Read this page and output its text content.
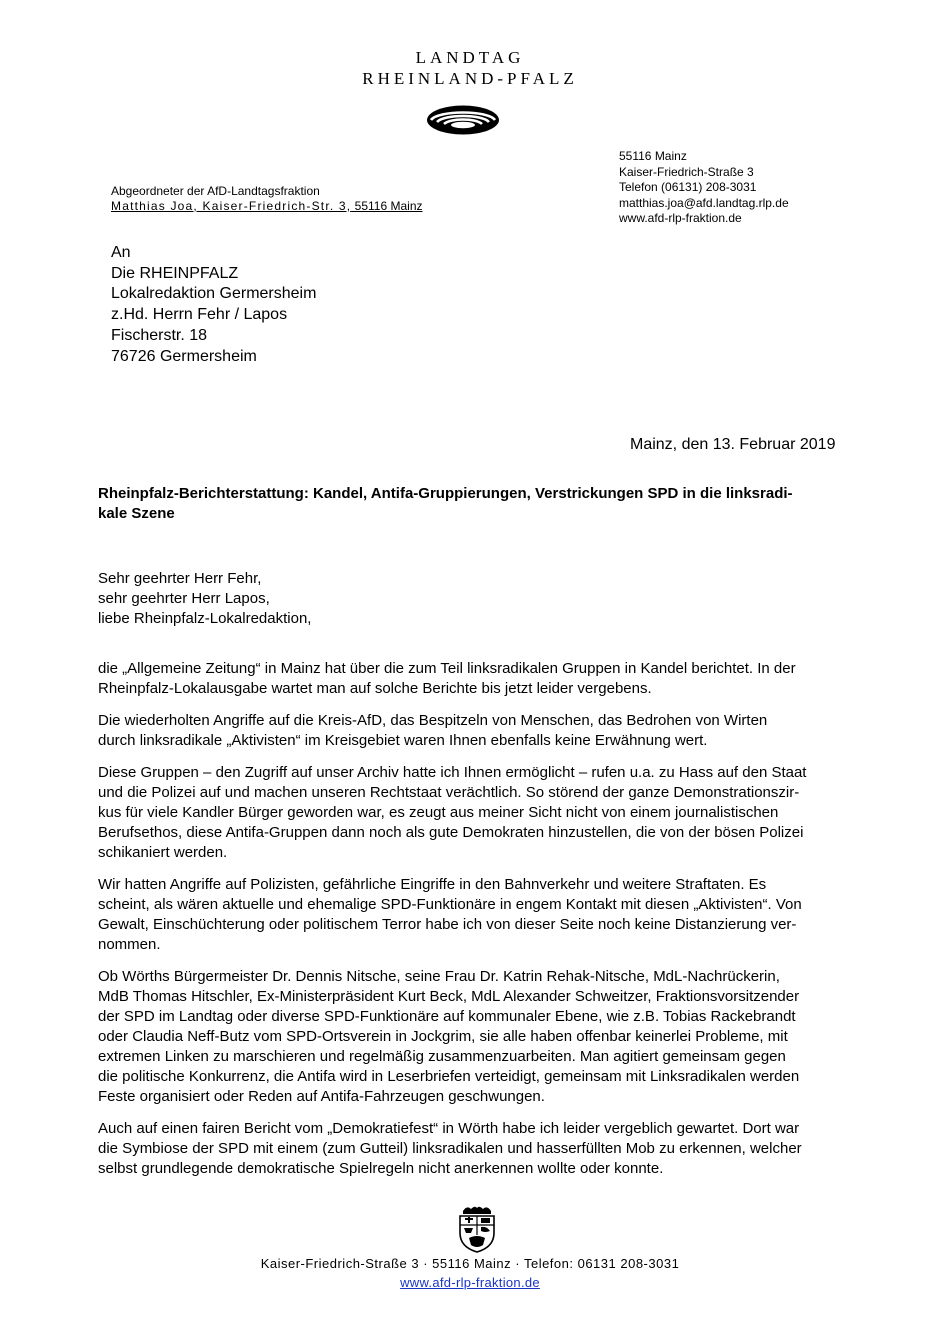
LANDTAG
RHEINLAND-PFALZ
55116 Mainz
Kaiser-Friedrich-Straße 3
Telefon (06131) 208-3031
matthias.joa@afd.landtag.rlp.de
www.afd-rlp-fraktion.de
Abgeordneter der AfD-Landtagsfraktion
Matthias Joa, Kaiser-Friedrich-Str. 3, 55116 Mainz
An
Die RHEINPFALZ
Lokalredaktion Germersheim
z.Hd. Herrn Fehr / Lapos
Fischerstr. 18
76726 Germersheim
Mainz, den 13. Februar 2019
Rheinpfalz-Berichterstattung: Kandel, Antifa-Gruppierungen, Verstrickungen SPD in die linksradi-
kale Szene
Sehr geehrter Herr Fehr,
sehr geehrter Herr Lapos,
liebe Rheinpfalz-Lokalredaktion,

die „Allgemeine Zeitung“ in Mainz hat über die zum Teil linksradikalen Gruppen in Kandel berichtet. In der
Rheinpfalz-Lokalausgabe wartet man auf solche Berichte bis jetzt leider vergebens.

Die wiederholten Angriffe auf die Kreis-AfD, das Bespitzeln von Menschen, das Bedrohen von Wirten
durch linksradikale „Aktivisten“ im Kreisgebiet waren Ihnen ebenfalls keine Erwähnung wert.

Diese Gruppen – den Zugriff auf unser Archiv hatte ich Ihnen ermöglicht – rufen u.a. zu Hass auf den Staat
und die Polizei auf und machen unseren Rechtstaat verächtlich. So störend der ganze Demonstrationszir-
kus für viele Kandler Bürger geworden war, es zeugt aus meiner Sicht nicht von einem journalistischen
Berufsethos, diese Antifa-Gruppen dann noch als gute Demokraten hinzustellen, die von der bösen Polizei
schikaniert werden.

Wir hatten Angriffe auf Polizisten, gefährliche Eingriffe in den Bahnverkehr und weitere Straftaten. Es
scheint, als wären aktuelle und ehemalige SPD-Funktionäre in engem Kontakt mit diesen „Aktivisten“. Von
Gewalt, Einschüchterung oder politischem Terror habe ich von dieser Seite noch keine Distanzierung ver-
nommen.

Ob Wörths Bürgermeister Dr. Dennis Nitsche, seine Frau Dr. Katrin Rehak-Nitsche, MdL-Nachrückerin,
MdB Thomas Hitschler, Ex-Ministerpräsident Kurt Beck, MdL Alexander Schweitzer, Fraktionsvorsitzender
der SPD im Landtag oder diverse SPD-Funktionäre auf kommunaler Ebene, wie z.B. Tobias Rackebrandt
oder Claudia Neff-Butz vom SPD-Ortsverein in Jockgrim, sie alle haben offenbar keinerlei Probleme, mit
extremen Linken zu marschieren und regelmäßig zusammenzuarbeiten. Man agitiert gemeinsam gegen
die politische Konkurrenz, die Antifa wird in Leserbriefen verteidigt, gemeinsam mit Linksradikalen werden
Feste organisiert oder Reden auf Antifa-Fahrzeugen geschwungen.

Auch auf einen fairen Bericht vom „Demokratiefest“ in Wörth habe ich leider vergeblich gewartet. Dort war
die Symbiose der SPD mit einem (zum Gutteil) linksradikalen und hasserfüllten Mob zu erkennen, welcher
selbst grundlegende demokratische Spielregeln nicht anerkennen wollte oder konnte.

Kaiser-Friedrich-Straße 3 · 55116 Mainz · Telefon: 06131 208-3031
www.afd-rlp-fraktion.de
